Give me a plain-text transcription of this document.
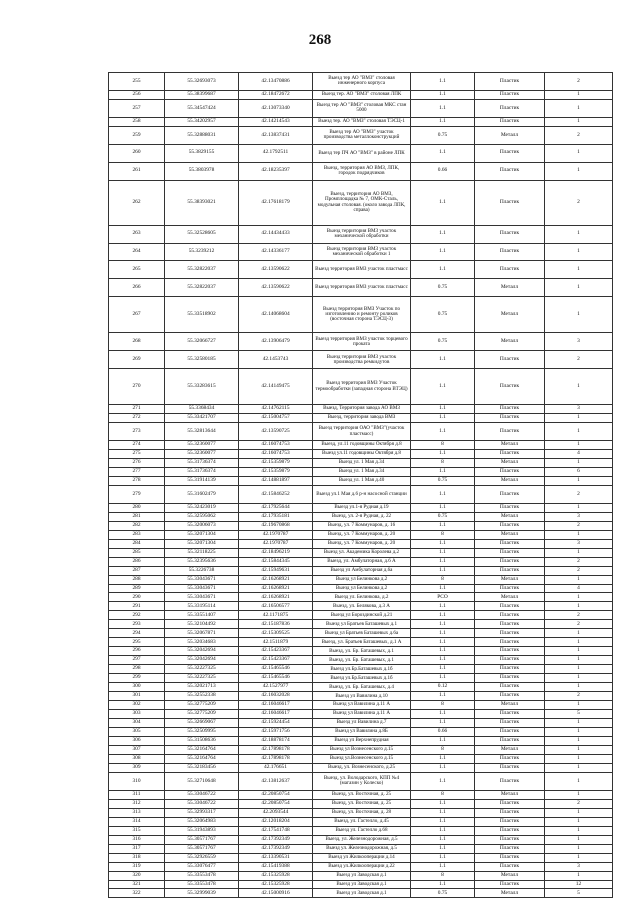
268
255	55.32693073	42.13470886	Выезд тер АО "ВМЗ" столовая инженерного корпуса	1.1	Пластик	2
256	55.38399687	42.18472672	Выезд тер. АО "ВМЗ" столовая ЛПК	1.1	Пластик	1
257	55.34547424	42.13073340	Выезд тер АО "ВМЗ" столовая МКС стан 5000	1.1	Пластик	1
258	55.34202957	42.14214543	Выезд тер. АО "ВМЗ" столовая ТЭСЦ-1	1.1	Пластик	1
259	55.32888031	42.13837431	Выезд тер АО "ВМЗ" участок производства металлоконструкций	0.75	Металл	2
260	55.3829155	42.1792511	Выезд тер ПЧ АО "ВМЗ" в районе ЛПК	1.1	Пластик	1
261	55.3803978	42.18235397	Выезд, территория АО ВМЗ, ЛПК, городок подрядчиков	0.66	Пластик	1
262	55.38393021	42.17618179	Выезд, территория АО ВМЗ, Промплощадка № 7, ОМК-Сталь, модульная столовая. (около завода ЛПК, справа)	1.1	Пластик	2
263	55.32528605	42.14434433	Выезд территория ВМЗ участок механической обработки	1.1	Пластик	1
264	55.3239212	42.14336177	Выезд территория ВМЗ участок механической обработки 1	1.1	Пластик	1
265	55.32822037	42.13590622	Выезд территория ВМЗ участок пластмасс	1.1	Пластик	1
266	55.32822037	42.13590622	Выезд территория ВМЗ участок пластмасс	0.75	Металл	1
267	55.33518902	42.14068604	Выезд территория ВМЗ Участок по изготовлению и ремонту роликов (восточная сторона ТЭСЦ-3)	0.75	Металл	1
268	55.32066727	42.13906479	Выезд территория ВМЗ участок торцевого проката	0.75	Металл	3
269	55.32580185	42.1453743	Выезд территория ВМЗ участок производства ремкидутов	1.1	Пластик	2
270	55.33283615	42.14149475	Выезд территория ВМЗ Участок термообработки (западная сторона ВТЭЦ)	1.1	Пластик	1
271	55.3368434	42.14762115	Выезд, Территория завода АО ВМЗ	1.1	Пластик	3
272	55.33421707	42.15004757	Выезд, территория завода ВМЗ	1.1	Пластик	1
273	55.32813644	42.13590725	Выезд территория ОАО "ВМЗ"(участок пластмасс)	1.1	Пластик	1
274	55.32360077	42.16074753	Выезд, ул.11 годовщины Октября д.8	8	Металл	1
275	55.32360077	42.16074753	Выезд ул.11 годовщины Октября д.8	1.1	Пластик	4
276	55.31736374	42.15359879	Выезд ул. 1 Мая д.34	8	Металл	1
277	55.31736374	42.15359879	Выезд ул. 1 Мая д.34	1.1	Пластик	6
278	55.31914139	42.14881897	Выезд ул. 1 Мая д.40	0.75	Металл	1
279	55.31602479	42.15846252	Выезд ул.1 Мая д.6 р-н насосной станции	1.1	Пластик	2
280	55.32423019	42.17925644	Выезд ул.1-я Рудная д.19	1.1	Пластик	1
281	55.32595062	42.17935181	Выезд, ул. 2-я Рудная, д. 22	0.75	Металл	3
282	55.32006073	42.19670868	Выезд, ул. 7 Коммунаров, д. 16	1.1	Пластик	2
283	55.32071304	42.1970787	Выезд, ул. 7 Коммунаров, д. 20	8	Металл	1
284	55.32071304	42.1970787	Выезд, ул. 7 Коммунаров, д. 20	1.1	Пластик	3
285	55.32118225	42.18496219	Выезд ул. Академика Королева д.2	1.1	Пластик	1
286	55.32395636	42.15844345	Выезд, ул. Амбулаторная, д.6 А	1.1	Пластик	2
287	55.3226738	42.15949631	Выезд ул Амбулаторная д.6а	1.1	Пластик	2
288	55.33043671	42.16268921	Выезд ул Белинкова д.2	8	Металл	1
289	55.33043671	42.16268921	Выезд ул Белинкова д.2	1.1	Пластик	4
290	55.33043671	42.16268921	Выезд ул. Белинкова, д.2	РСО	Металл	1
291	55.33195114	42.16506577	Выезд, ул. Белякова, д.3 А	1.1	Пластик	1
292	55.33551407	42.1171875	Выезд ул Бороздинской д.21	1.1	Пластик	2
293	55.32104492	42.15187836	Выезд ул Братьев Баташевых д.1	1.1	Пластик	2
294	55.32067871	42.15309525	Выезд ул Братьев Баташевых д.6а	1.1	Пластик	1
295	55.32034683	42.1511879	Выезд, ул. Братьев Баташевых, д.1 А	1.1	Пластик	1
296	55.32042694	42.15423367	Выезд, ул. Бр. Баташевых, д.1	1.1	Пластик	1
297	55.32042694	42.15423367	Выезд, ул. Бр. Баташевых, д.1	1.1	Пластик	1
298	55.32227325	42.15465546	Выезд ул.Бр.Баташевых д.1б	1.1	Пластик	1
299	55.32227325	42.15465546	Выезд ул.Бр.Баташевых д.1б	1.1	Пластик	1
300	55.32021713	42.1527977	Выезд, ул. Бр. Баташевых, д.4	0.12	Пластик	1
301	55.32552338	42.16032028	Выезд ул Вавилина д.10	1.1	Пластик	2
302	55.32775209	42.16046617	Выезд ул Вавилина д.11 А	8	Металл	1
303	55.32775209	42.16046617	Выезд ул Вавилина д.11 А	1.1	Пластик	5
304	55.32669067	42.15924454	Выезд ул Вавилина д.7	1.1	Пластик	1
305	55.32509995	42.15971756	Выезд ул Вавилина д.8Б	0.66	Пластик	1
306	55.31508636	42.18878174	Выезд ул Верхнепрудная	1.1	Пластик	1
307	55.32164764	42.17898178	Выезд ул Вознесенского д.15	8	Металл	1
308	55.32164764	42.17898178	Выезд ул.Вознесенского д.15	1.1	Пластик	1
309	55.32183456	42.176651	Выезд, ул. Вознесенского, д.25	1.1	Пластик	1
310	55.32710648	42.13812637	Выезд, ул. Володарского, КПП №4 (магазин у Колеско)	1.1	Пластик	1
311	55.33046722	42.20850754	Выезд, ул. Восточная, д. 25	8	Металл	1
312	55.33046722	42.20850754	Выезд, ул. Восточная, д. 25	1.1	Пластик	2
313	55.32993317	42.2093544	Выезд, ул. Восточная, д. 28	1.1	Пластик	1
314	55.32064983	42.12018204	Выезд, ул. Гастелло, д.45	1.1	Пластик	1
315	55.31943893	42.17541748	Выезд ул. Гастелло д.68	1.1	Пластик	1
316	55.30571767	42.17392349	Выезд, ул. Железнодорожная, д.5	1.1	Пластик	1
317	55.30571767	42.17392349	Выезд ул. Железнодорожная, д.5	1.1	Пластик	1
318	55.32926559	42.13390531	Выезд ул Жилкооперации д.14	1.1	Пластик	1
319	55.33076477	42.15419388	Выезд ул.Жилкооперации д.22	1.1	Пластик	3
320	55.33553478	42.15325928	Выезд ул Заводская д.1	8	Металл	1
321	55.33553478	42.15325928	Выезд ул Заводская д.1	1.1	Пластик	12
322	55.32999039	42.15000916	Выезд ул Заводская д.1	0.75	Металл	5
